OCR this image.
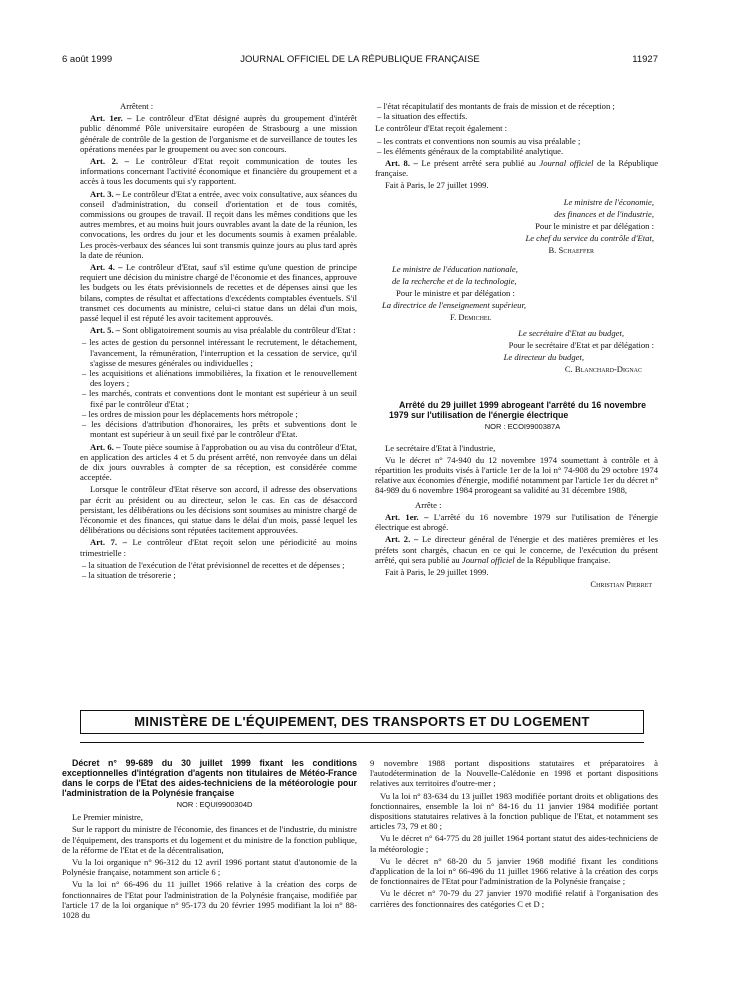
6 août 1999	JOURNAL OFFICIEL DE LA RÉPUBLIQUE FRANÇAISE	11927

Arrêtent :

Art. 1er. – Le contrôleur d'Etat désigné auprès du groupement d'intérêt public dénommé Pôle universitaire européen de Strasbourg a une mission générale de contrôle de la gestion de l'organisme et de surveillance de toutes les opérations menées par le groupement ou avec son concours.

Art. 2. – Le contrôleur d'Etat reçoit communication de toutes les informations concernant l'activité économique et financière du groupement et a accès à tous les documents qui s'y rapportent.

Art. 3. – Le contrôleur d'Etat a entrée, avec voix consultative, aux séances du conseil d'administration, du conseil d'orientation et de tous comités, commissions ou groupes de travail. Il reçoit dans les mêmes conditions que les autres membres, et au moins huit jours ouvrables avant la date de la réunion, les convocations, les ordres du jour et les documents soumis à examen préalable. Les procès-verbaux des séances lui sont transmis quinze jours au plus tard après la date de réunion.

Art. 4. – Le contrôleur d'Etat, sauf s'il estime qu'une question de principe requiert une décision du ministre chargé de l'économie et des finances, approuve les budgets ou les états prévisionnels de recettes et de dépenses ainsi que les bilans, comptes de résultat et affectations d'excédents comptables éventuels. S'il transmet ces documents au ministre, celui-ci statue dans un délai d'un mois, passé lequel il est réputé les avoir tacitement approuvés.

Art. 5. – Sont obligatoirement soumis au visa préalable du contrôleur d'Etat :

– les actes de gestion du personnel intéressant le recrutement, le détachement, l'avancement, la rémunération, l'interruption et la cessation de service, qu'il s'agisse de mesures générales ou individuelles ;
– les acquisitions et aliénations immobilières, la fixation et le renouvellement des loyers ;
– les marchés, contrats et conventions dont le montant est supérieur à un seuil fixé par le contrôleur d'Etat ;
– les ordres de mission pour les déplacements hors métropole ;
– les décisions d'attribution d'honoraires, les prêts et subventions dont le montant est supérieur à un seuil fixé par le contrôleur d'Etat.

Art. 6. – Toute pièce soumise à l'approbation ou au visa du contrôleur d'Etat, en application des articles 4 et 5 du présent arrêté, non renvoyée dans un délai de dix jours ouvrables à compter de sa réception, est considérée comme acceptée.

Lorsque le contrôleur d'Etat réserve son accord, il adresse des observations par écrit au président ou au directeur, selon le cas. En cas de désaccord persistant, les délibérations ou les décisions sont soumises au ministre chargé de l'économie et des finances, qui statue dans le délai d'un mois, passé lequel les délibérations ou décisions sont réputées tacitement approuvées.

Art. 7. – Le contrôleur d'Etat reçoit selon une périodicité au moins trimestrielle :

– la situation de l'exécution de l'état prévisionnel de recettes et de dépenses ;
– la situation de trésorerie ;
– l'état récapitulatif des montants de frais de mission et de réception ;
– la situation des effectifs.

Le contrôleur d'Etat reçoit également :

– les contrats et conventions non soumis au visa préalable ;
– les éléments généraux de la comptabilité analytique.

Art. 8. – Le présent arrêté sera publié au Journal officiel de la République française.

Fait à Paris, le 27 juillet 1999.

Le ministre de l'économie,

des finances et de l'industrie,

Pour le ministre et par délégation :

Le chef du service du contrôle d'Etat,

B. Schaeffer

Le ministre de l'éducation nationale,

de la recherche et de la technologie,

Pour le ministre et par délégation :

La directrice de l'enseignement supérieur,

F. Demichel

Le secrétaire d'Etat au budget,

Pour le secrétaire d'Etat et par délégation :

Le directeur du budget,

C. Blanchard-Dignac

Arrêté du 29 juillet 1999 abrogeant l'arrêté du 16 novembre 1979 sur l'utilisation de l'énergie électrique

NOR : ECOI9900387A

Le secrétaire d'Etat à l'industrie,

Vu le décret n° 74-940 du 12 novembre 1974 soumettant à contrôle et à répartition les produits visés à l'article 1er de la loi n° 74-908 du 29 octobre 1974 relative aux économies d'énergie, modifié notamment par l'article 1er du décret n° 84-989 du 6 novembre 1984 prorogeant sa validité au 31 décembre 1988,

Arrête :

Art. 1er. – L'arrêté du 16 novembre 1979 sur l'utilisation de l'énergie électrique est abrogé.

Art. 2. – Le directeur général de l'énergie et des matières premières et les préfets sont chargés, chacun en ce qui le concerne, de l'exécution du présent arrêté, qui sera publié au Journal officiel de la République française.

Fait à Paris, le 29 juillet 1999.

Christian Pierret

MINISTÈRE DE L'ÉQUIPEMENT, DES TRANSPORTS ET DU LOGEMENT

Décret n° 99-689 du 30 juillet 1999 fixant les conditions exceptionnelles d'intégration d'agents non titulaires de Météo-France dans le corps de l'Etat des aides-techniciens de la météorologie pour l'administration de la Polynésie française

NOR : EQUI9900304D

Le Premier ministre,

Sur le rapport du ministre de l'économie, des finances et de l'industrie, du ministre de l'équipement, des transports et du logement et du ministre de la fonction publique, de la réforme de l'Etat et de la décentralisation,

Vu la loi organique n° 96-312 du 12 avril 1996 portant statut d'autonomie de la Polynésie française, notamment son article 6 ;

Vu la loi n° 66-496 du 11 juillet 1966 relative à la création des corps de fonctionnaires de l'Etat pour l'administration de la Polynésie française, modifiée par l'article 17 de la loi organique n° 95-173 du 20 février 1995 modifiant la loi n° 88-1028 du

9 novembre 1988 portant dispositions statutaires et préparatoires à l'autodétermination de la Nouvelle-Calédonie en 1998 et portant dispositions relatives aux territoires d'outre-mer ;

Vu la loi n° 83-634 du 13 juillet 1983 modifiée portant droits et obligations des fonctionnaires, ensemble la loi n° 84-16 du 11 janvier 1984 modifiée portant dispositions statutaires relatives à la fonction publique de l'Etat, et notamment ses articles 73, 79 et 80 ;

Vu le décret n° 64-775 du 28 juillet 1964 portant statut des aides-techniciens de la météorologie ;

Vu le décret n° 68-20 du 5 janvier 1968 modifié fixant les conditions d'application de la loi n° 66-496 du 11 juillet 1966 relative à la création des corps de fonctionnaires de l'Etat pour l'administration de la Polynésie française ;

Vu le décret n° 70-79 du 27 janvier 1970 modifié relatif à l'organisation des carrières des fonctionnaires des catégories C et D ;
